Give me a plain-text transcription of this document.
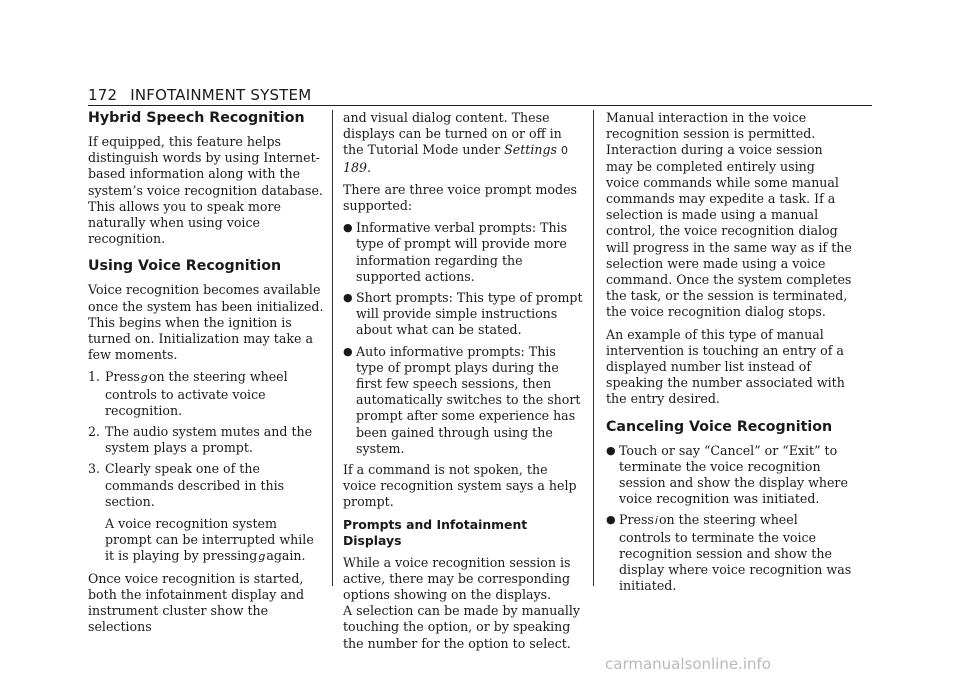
172 INFOTAINMENT SYSTEM
Hybrid Speech Recognition

If equipped, this feature helps distinguish words by using Internet-based information along with the system’s voice recognition database. This allows you to speak more naturally when using voice recognition.

Using Voice Recognition

Voice recognition becomes available once the system has been initialized. This begins when the ignition is turned on. Initialization may take a few moments.

1. Pressgon the steering wheel controls to activate voice recognition.
2. The audio system mutes and the system plays a prompt.
3. Clearly speak one of the commands described in this section.

A voice recognition system prompt can be interrupted while it is playing by pressinggagain.

Once voice recognition is started, both the infotainment display and instrument cluster show the selections

and visual dialog content. These displays can be turned on or off in the Tutorial Mode under Settings 0 189.

There are three voice prompt modes supported:

● Informative verbal prompts: This type of prompt will provide more information regarding the supported actions.
● Short prompts: This type of prompt will provide simple instructions about what can be stated.
● Auto informative prompts: This type of prompt plays during the first few speech sessions, then automatically switches to the short prompt after some experience has been gained through using the system.

If a command is not spoken, the voice recognition system says a help prompt.

Prompts and Infotainment Displays

While a voice recognition session is active, there may be corresponding options showing on the displays.

A selection can be made by manually touching the option, or by speaking the number for the option to select.

Manual interaction in the voice recognition session is permitted. Interaction during a voice session may be completed entirely using voice commands while some manual commands may expedite a task. If a selection is made using a manual control, the voice recognition dialog will progress in the same way as if the selection were made using a voice command. Once the system completes the task, or the session is terminated, the voice recognition dialog stops.

An example of this type of manual intervention is touching an entry of a displayed number list instead of speaking the number associated with the entry desired.

Canceling Voice Recognition
● Touch or say “Cancel” or “Exit” to terminate the voice recognition session and show the display where voice recognition was initiated.
● Pression the steering wheel controls to terminate the voice recognition session and show the display where voice recognition was initiated.
carmanualsonline.info
